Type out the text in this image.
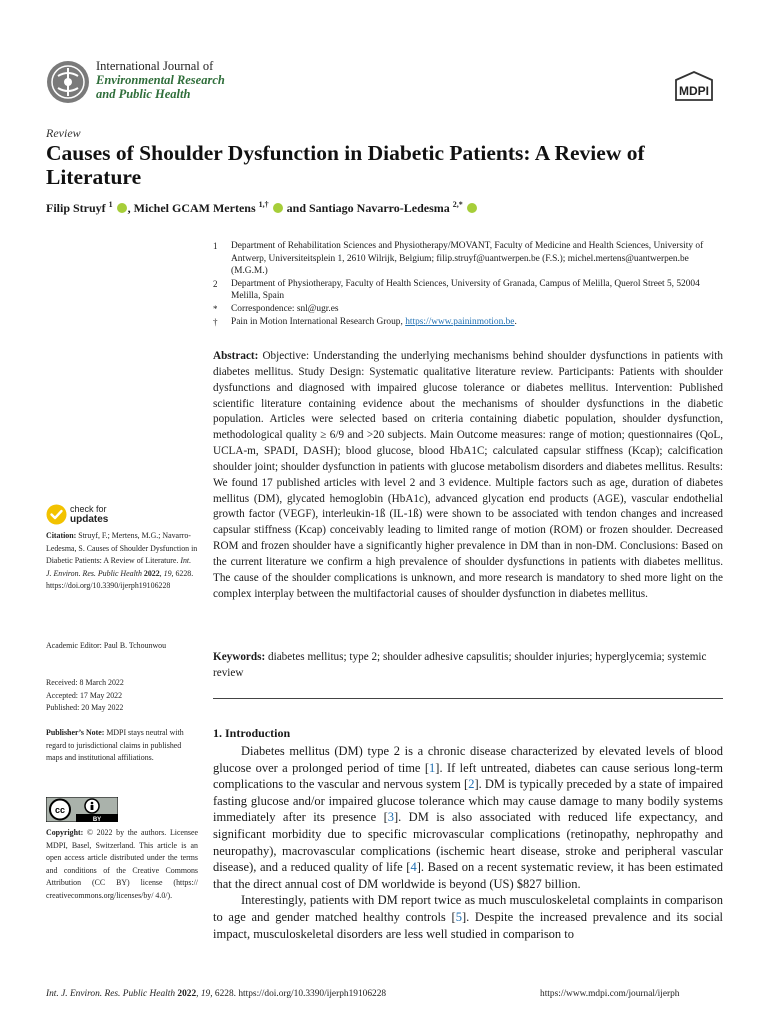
International Journal of
Environmental Research
and Public Health	MDPI
Review
Causes of Shoulder Dysfunction in Diabetic Patients: A Review of Literature
Filip Struyf $^1$ , Michel GCAM Mertens $^{1,\dagger}$  and Santiago Navarro-Ledesma $^{2,*}$
1 Department of Rehabilitation Sciences and Physiotherapy/MOVANT, Faculty of Medicine and Health Sciences, University of Antwerp, Universiteitsplein 1, 2610 Wilrijk, Belgium; filip.struyf@uantwerpen.be (F.S.); michel.mertens@uantwerpen.be (M.G.M.)
2 Department of Physiotherapy, Faculty of Health Sciences, University of Granada, Campus of Melilla, Querol Street 5, 52004 Melilla, Spain
* Correspondence: snl@ugr.es
† Pain in Motion International Research Group, https://www.paininmotion.be.

Abstract: Objective: Understanding the underlying mechanisms behind shoulder dysfunctions in patients with diabetes mellitus. Study Design: Systematic qualitative literature review. Participants: Patients with shoulder dysfunctions and diagnosed with impaired glucose tolerance or diabetes mellitus. Intervention: Published scientific literature containing evidence about the mechanisms of shoulder dysfunctions in the diabetic population. Articles were selected based on criteria containing diabetic population, shoulder dysfunction, methodological quality ≥ 6/9 and >20 subjects. Main Outcome measures: range of motion; questionnaires (QoL, UCLA-m, SPADI, DASH); blood glucose, blood HbA1C; calculated capsular stiffness (Kcap); calcification shoulder joint; shoulder dysfunction in patients with glucose metabolism disorders and diabetes mellitus. Results: We found 17 published articles with level 2 and 3 evidence. Multiple factors such as age, duration of diabetes mellitus (DM), glycated hemoglobin (HbA1c), advanced glycation end products (AGE), vascular endothelial growth factor (VEGF), interleukin-1ß (IL-1ß) were shown to be associated with tendon changes and increased capsular stiffness (Kcap) conceivably leading to limited range of motion (ROM) or frozen shoulder. Decreased ROM and frozen shoulder have a significantly higher prevalence in DM than in non-DM. Conclusions: Based on the current literature we confirm a high prevalence of shoulder dysfunctions in patients with diabetes mellitus. The cause of the shoulder complications is unknown, and more research is mandatory to shed more light on the complex interplay between the multifactorial causes of shoulder dysfunction in diabetes mellitus.

Keywords: diabetes mellitus; type 2; shoulder adhesive capsulitis; shoulder injuries; hyperglycemia; systemic review

1. Introduction

Diabetes mellitus (DM) type 2 is a chronic disease characterized by elevated levels of blood glucose over a prolonged period of time [1]. If left untreated, diabetes can cause serious long-term complications to the vascular and nervous system [2]. DM is typically preceded by a state of impaired fasting glucose and/or impaired glucose tolerance which may cause damage to many bodily systems immediately after its presence [3]. DM is also associated with reduced life expectancy, and significant morbidity due to specific microvascular complications (retinopathy, nephropathy and neuropathy), macrovascular complications (ischemic heart disease, stroke and peripheral vascular disease), and a reduced quality of life [4]. Based on a recent systematic review, it has been estimated that the direct annual cost of DM worldwide is beyond (US) $827 billion.

Interestingly, patients with DM report twice as much musculoskeletal complaints in comparison to age and gender matched healthy controls [5]. Despite the increased prevalence and its social impact, musculoskeletal disorders are less well studied in comparison to

check for
updates

Citation: Struyf, F.; Mertens, M.G.; Navarro-Ledesma, S. Causes of Shoulder Dysfunction in Diabetic Patients: A Review of Literature. Int. J. Environ. Res. Public Health 2022, 19, 6228. https://doi.org/10.3390/ijerph19106228

Academic Editor: Paul B. Tchounwou

Received: 8 March 2022
Accepted: 17 May 2022
Published: 20 May 2022

Publisher’s Note: MDPI stays neutral with regard to jurisdictional claims in published maps and institutional affiliations.

cc
BY

Copyright: © 2022 by the authors. Licensee MDPI, Basel, Switzerland. This article is an open access article distributed under the terms and conditions of the Creative Commons Attribution (CC BY) license (https:// creativecommons.org/licenses/by/ 4.0/).

Int. J. Environ. Res. Public Health 2022, 19, 6228. https://doi.org/10.3390/ijerph19106228	https://www.mdpi.com/journal/ijerph
